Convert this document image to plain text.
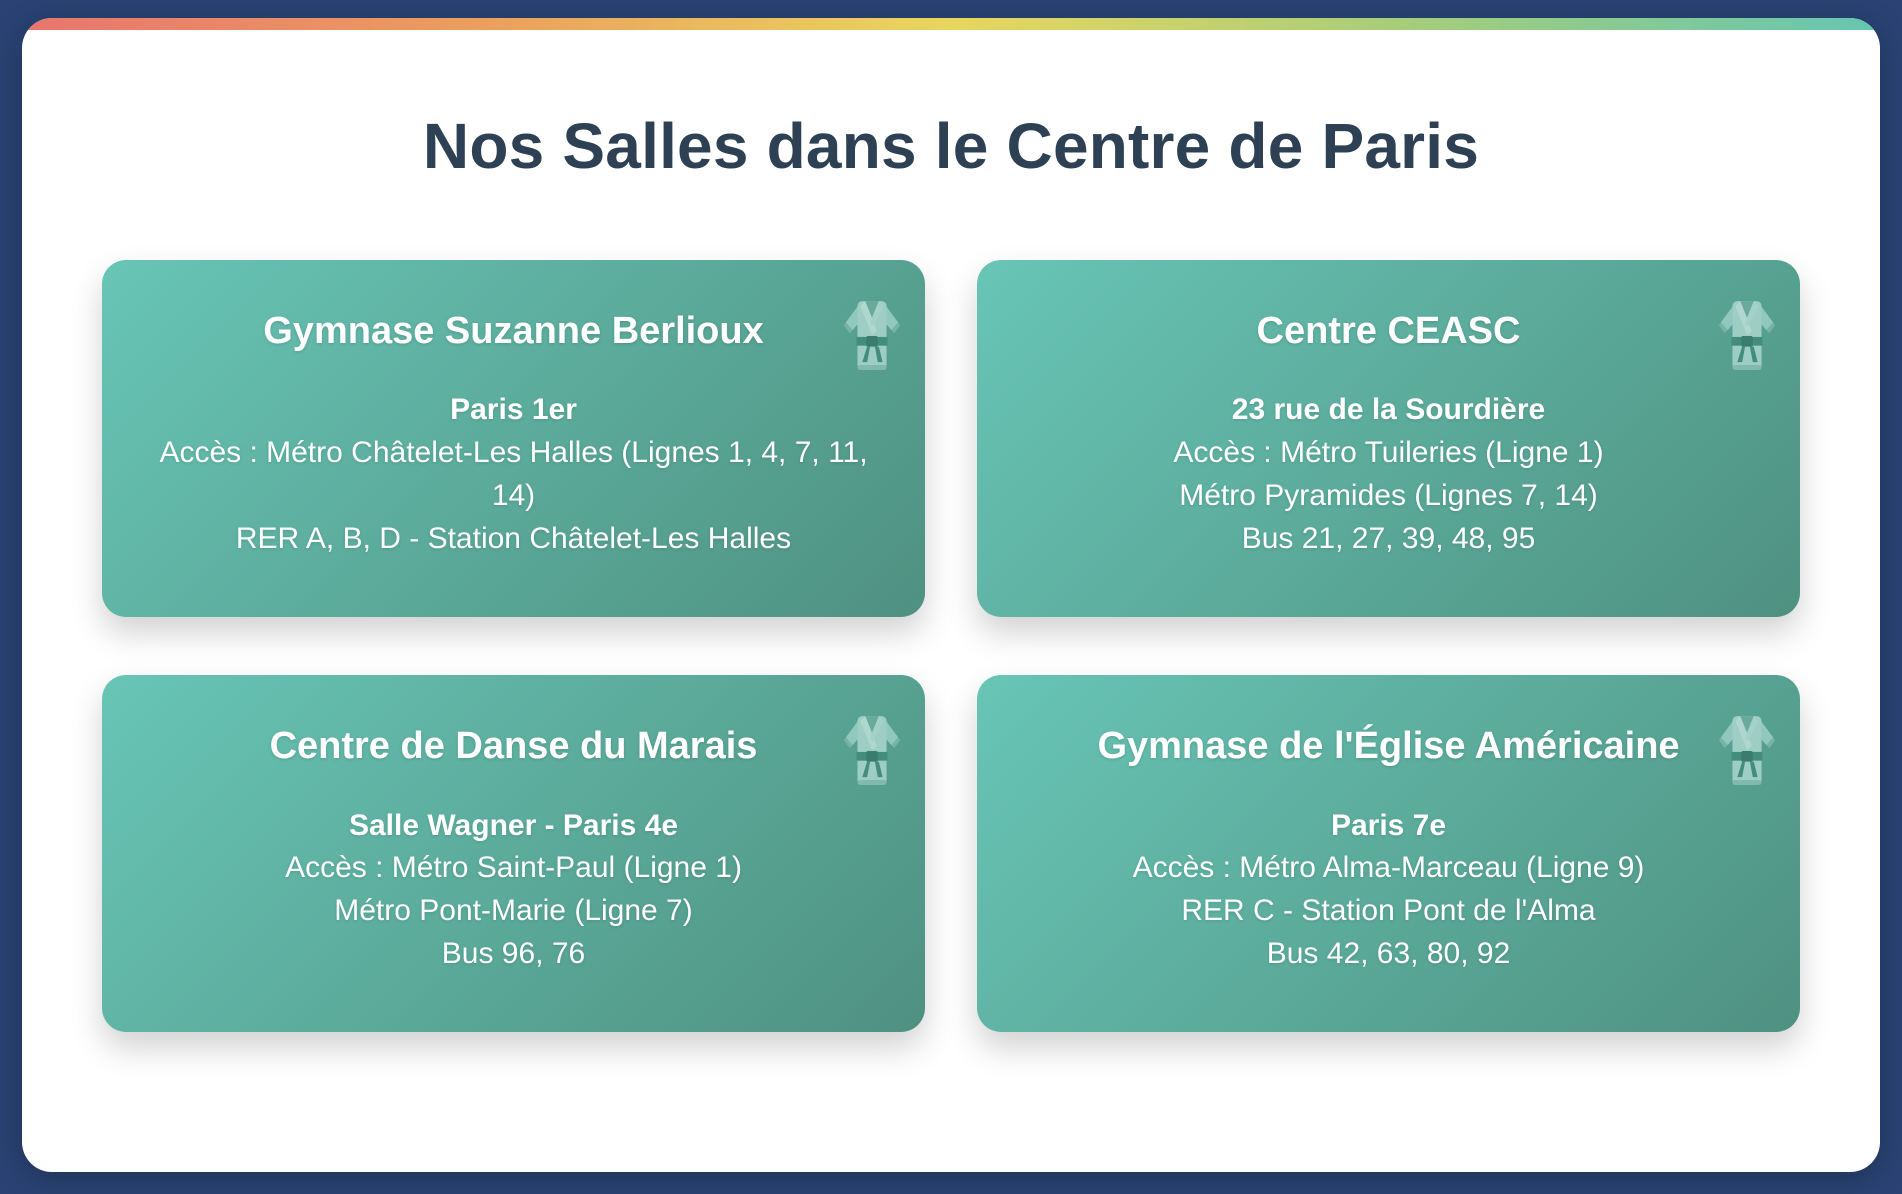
Nos Salles dans le Centre de Paris
Gymnase Suzanne Berlioux
Paris 1er
Accès : Métro Châtelet-Les Halles (Lignes 1, 4, 7, 11, 14)
RER A, B, D - Station Châtelet-Les Halles
Centre CEASC
23 rue de la Sourdière
Accès : Métro Tuileries (Ligne 1)
Métro Pyramides (Lignes 7, 14)
Bus 21, 27, 39, 48, 95
Centre de Danse du Marais
Salle Wagner - Paris 4e
Accès : Métro Saint-Paul (Ligne 1)
Métro Pont-Marie (Ligne 7)
Bus 96, 76
Gymnase de l'Église Américaine
Paris 7e
Accès : Métro Alma-Marceau (Ligne 9)
RER C - Station Pont de l'Alma
Bus 42, 63, 80, 92
